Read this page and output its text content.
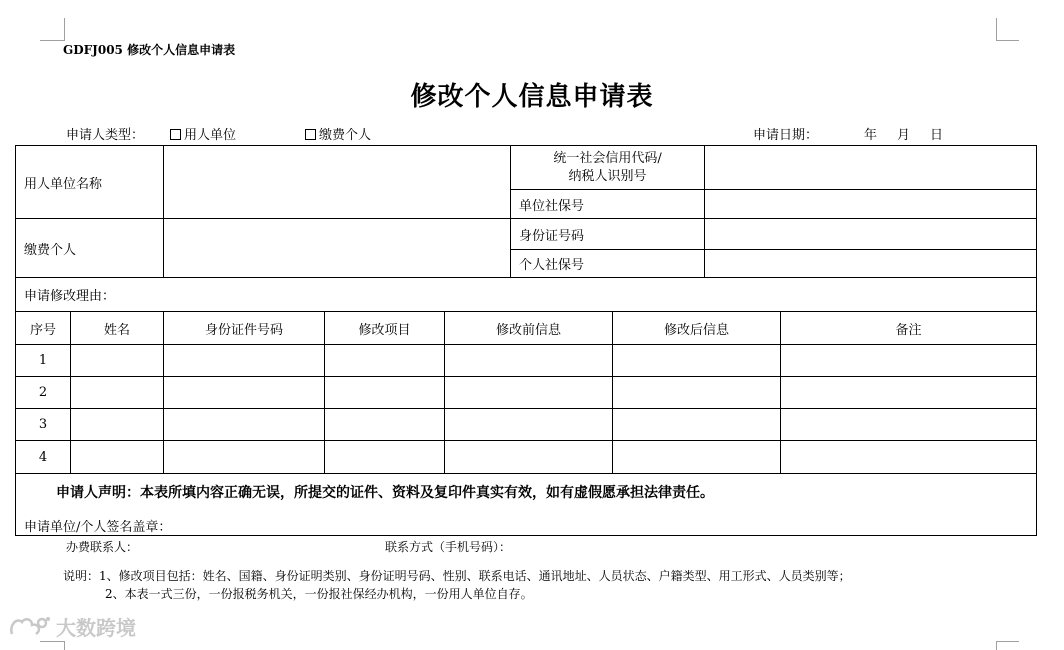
GDFJ005 修改个人信息申请表
修改个人信息申请表
申请人类型：	用人单位	缴费个人	申请日期：	年 月 日
用人单位名称					统一社会信用代码/
纳税人识别号			
					单位社保号			
缴费个人					身份证号码			
					个人社保号			
申请修改理由：								
序号	姓名	身份证件号码	修改项目	修改前信息		修改后信息		备注
1								
2								
3								
4								

申请人声明：本表所填内容正确无误，所提交的证件、资料及复印件真实有效，如有虚假愿承担法律责任。
申请单位/个人签名盖章：								
办费联系人：	联系方式（手机号码）：
说明：1、修改项目包括：姓名、国籍、身份证明类别、身份证明号码、性别、联系电话、通讯地址、人员状态、户籍类型、用工形式、人员类别等；
2、本表一式三份，一份报税务机关，一份报社保经办机构，一份用人单位自存。
大数跨境
